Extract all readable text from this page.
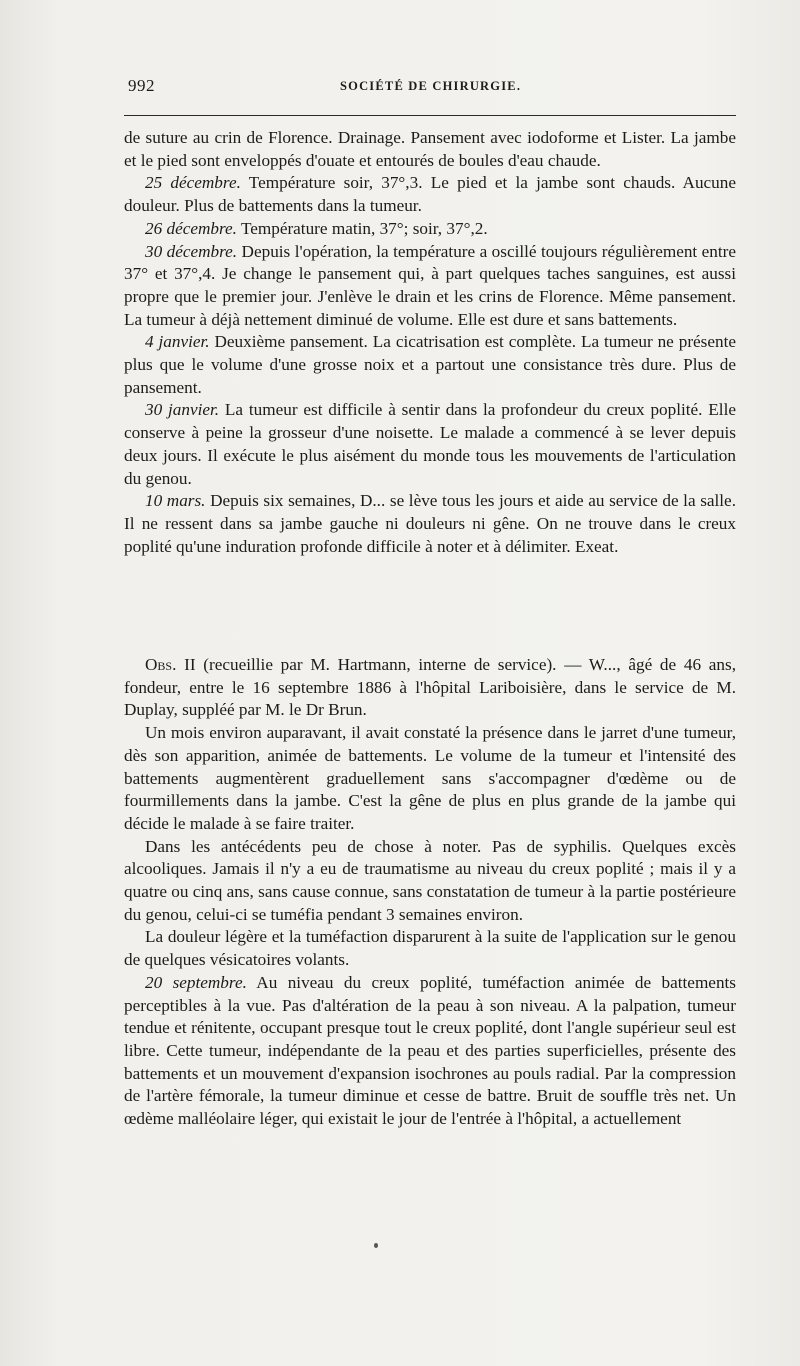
992	SOCIÉTÉ DE CHIRURGIE.

de suture au crin de Florence. Drainage. Pansement avec iodoforme et Lister. La jambe et le pied sont enveloppés d'ouate et entourés de boules d'eau chaude.

25 décembre. Température soir, 37°,3. Le pied et la jambe sont chauds. Aucune douleur. Plus de battements dans la tumeur.

26 décembre. Température matin, 37°; soir, 37°,2.

30 décembre. Depuis l'opération, la température a oscillé toujours régulièrement entre 37° et 37°,4. Je change le pansement qui, à part quelques taches sanguines, est aussi propre que le premier jour. J'enlève le drain et les crins de Florence. Même pansement. La tumeur à déjà nettement diminué de volume. Elle est dure et sans battements.

4 janvier. Deuxième pansement. La cicatrisation est complète. La tumeur ne présente plus que le volume d'une grosse noix et a partout une consistance très dure. Plus de pansement.

30 janvier. La tumeur est difficile à sentir dans la profondeur du creux poplité. Elle conserve à peine la grosseur d'une noisette. Le malade a commencé à se lever depuis deux jours. Il exécute le plus aisément du monde tous les mouvements de l'articulation du genou.

10 mars. Depuis six semaines, D... se lève tous les jours et aide au service de la salle. Il ne ressent dans sa jambe gauche ni douleurs ni gêne. On ne trouve dans le creux poplité qu'une induration profonde difficile à noter et à délimiter. Exeat.

Obs. II (recueillie par M. Hartmann, interne de service). — W..., âgé de 46 ans, fondeur, entre le 16 septembre 1886 à l'hôpital Lariboisière, dans le service de M. Duplay, suppléé par M. le Dr Brun.

Un mois environ auparavant, il avait constaté la présence dans le jarret d'une tumeur, dès son apparition, animée de battements. Le volume de la tumeur et l'intensité des battements augmentèrent graduellement sans s'accompagner d'œdème ou de fourmillements dans la jambe. C'est la gêne de plus en plus grande de la jambe qui décide le malade à se faire traiter.

Dans les antécédents peu de chose à noter. Pas de syphilis. Quelques excès alcooliques. Jamais il n'y a eu de traumatisme au niveau du creux poplité ; mais il y a quatre ou cinq ans, sans cause connue, sans constatation de tumeur à la partie postérieure du genou, celui-ci se tuméfia pendant 3 semaines environ.

La douleur légère et la tuméfaction disparurent à la suite de l'application sur le genou de quelques vésicatoires volants.

20 septembre. Au niveau du creux poplité, tuméfaction animée de battements perceptibles à la vue. Pas d'altération de la peau à son niveau. A la palpation, tumeur tendue et rénitente, occupant presque tout le creux poplité, dont l'angle supérieur seul est libre. Cette tumeur, indépendante de la peau et des parties superficielles, présente des battements et un mouvement d'expansion isochrones au pouls radial. Par la compression de l'artère fémorale, la tumeur diminue et cesse de battre. Bruit de souffle très net. Un œdème malléolaire léger, qui existait le jour de l'entrée à l'hôpital, a actuellement
